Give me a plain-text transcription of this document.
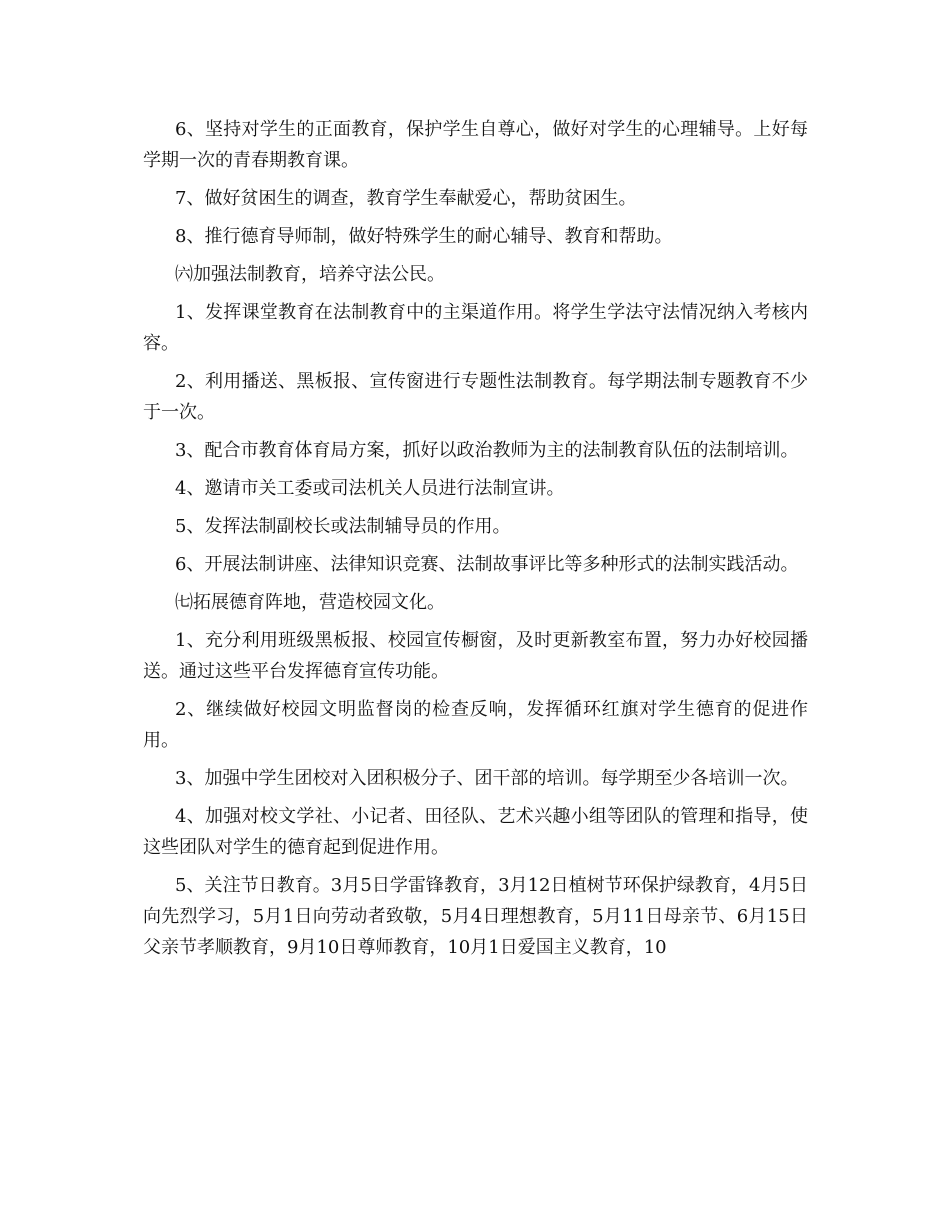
6、坚持对学生的正面教育，保护学生自尊心，做好对学生的心理辅导。上好每学期一次的青春期教育课。

7、做好贫困生的调查，教育学生奉献爱心，帮助贫困生。

8、推行德育导师制，做好特殊学生的耐心辅导、教育和帮助。

㈥加强法制教育，培养守法公民。

1、发挥课堂教育在法制教育中的主渠道作用。将学生学法守法情况纳入考核内容。

2、利用播送、黑板报、宣传窗进行专题性法制教育。每学期法制专题教育不少于一次。

3、配合市教育体育局方案，抓好以政治教师为主的法制教育队伍的法制培训。

4、邀请市关工委或司法机关人员进行法制宣讲。

5、发挥法制副校长或法制辅导员的作用。

6、开展法制讲座、法律知识竞赛、法制故事评比等多种形式的法制实践活动。

㈦拓展德育阵地，营造校园文化。

1、充分利用班级黑板报、校园宣传橱窗，及时更新教室布置，努力办好校园播送。通过这些平台发挥德育宣传功能。

2、继续做好校园文明监督岗的检查反响，发挥循环红旗对学生德育的促进作用。

3、加强中学生团校对入团积极分子、团干部的培训。每学期至少各培训一次。

4、加强对校文学社、小记者、田径队、艺术兴趣小组等团队的管理和指导，使这些团队对学生的德育起到促进作用。

5、关注节日教育。3月5日学雷锋教育，3月12日植树节环保护绿教育，4月5日向先烈学习，5月1日向劳动者致敬，5月4日理想教育，5月11日母亲节、6月15日父亲节孝顺教育，9月10日尊师教育，10月1日爱国主义教育，10
